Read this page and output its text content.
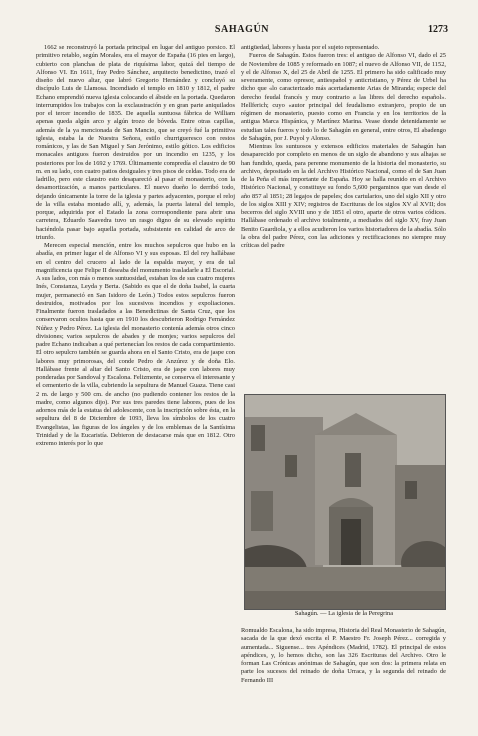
SAHAGÚN	1273

1662 se reconstruyó la portada principal en lugar del antiguo porsico. El primitivo retablo, según Morales, era el mayor de España (16 pies en largo), cubierto con planchas de plata de riquísima labor, quizá del tiempo de Alfonso VI. En 1611, fray Pedro Sánchez, arquitecto benedictino, trazó el diseño del nuevo altar, que labró Gregorio Hernández y concluyó su discípulo Luis de Llamosa. Incendiado el templo en 1810 y 1812, el padre Echano emprendió nueva iglesia colocando el ábside en la portada. Quedaron interrumpidos los trabajos con la exclaustración y en gran parte aniquilados por el tercer incendio de 1835. De aquella suntuosa fábrica de William apenas queda algún arco y algún trozo de bóveda. Entre otras capillas, además de la ya mencionada de San Mancio, que se creyó fué la primitiva iglesia, estaba la de Nuestra Señora, estilo churrigueresco con restos románicos, y las de San Miguel y San Jerónimo, estilo gótico. Los edificios monacales antiguos fueron destruidos por un incendio en 1235, y los posteriores por los de 1692 y 1769. Últimamente compredía el claustro de 90 m. en su lado, con cuatro patios desiguales y tres pisos de celdas. Todo era de ladrillo, pero este claustro esto desapareció al pasar el monasterio, con la desamortización, a manos particulares. El nuevo dueño lo derribó todo, dejando únicamente la torre de la iglesia y partes adyacentes, porque el reloj de la villa estaba montado allí, y, además, la puerta lateral del templo, porque, adquirida por el Estado la zona correspondiente para abrir una carretera, Eduardo Saavedra tuvo un rasgo digno de su elevado espíritu haciéndola pasar bajo aquella portada, subsistente en calidad de arco de triunfo.

Merecen especial mención, entre los muchos sepulcros que hubo en la abadía, en primer lugar el de Alfonso VI y sus esposas. El del rey hallábase en el centro del crucero al lado de la espalda mayor, y era de tal magnificencia que Felipe II deseaba del monumento trasladarle a El Escorial. A sus lados, con más o menos suntuosidad, estaban los de sus cuatro mujeres Inés, Constanza, Leyda y Berta. (Sabido es que el de doña Isabel, la cuarta mujer, permaneció en San Isidoro de León.) Todos estos sepulcros fueron destruidos, motivados por los sucesivos incendios y expoliaciones. Finalmente fueron trasladados a las Benedictinas de Santa Cruz, que los conservaron ocultos hasta que en 1910 los descubrieron Rodrigo Fernández Núñez y Pedro Pérez. La iglesia del monasterio contenía además otros cinco divisiones; varios sepulcros de abades y de monjes; varios sepulcros del padre Echano indicaban a qué pertenecían los restos de cada compartimiento. El otro sepulcro también se guarda ahora en el Santo Cristo, era de jaspe con labores muy primorosas, del conde Pedro de Anzúrez y de doña Elo. Hallábase frente al altar del Santo Cristo, era de jaspe con labores muy ponderadas por Sandoval y Escalona. Felizmente, se conserva el interesante y el cementerio de la villa, cubriendo la sepultura de Manuel Guaza. Tiene casi 2 m. de largo y 500 cm. de ancho (no pudiendo contener los restos de la madre, como algunos dijo). Por sus tres paredes tiene labores, pues de los adornos más de la estatua del adolescente, con la inscripción sobre ésta, en la sepultura del 8 de Diciembre de 1093, lleva los símbolos de los cuatro Evangelistas, las figuras de los ángeles y de los emblemas de la Santísima Trinidad y de la Eucaristía. Debieron de destacarse más que en 1812. Otro extremo interés por lo que

antigüedad, labores y hasta por el sujeto representado.

Fueros de Sahagún. Estos fueron tres: el antiguo de Alfonso VI, dado el 25 de Noviembre de 1085 y reformado en 1087; el nuevo de Alfonso VII, de 1152, y el de Alfonso X, del 25 de Abril de 1255. El primero ha sido calificado muy severamente, como opresor, antiespañol y anticristiano, y Pérez de Urbel ha dicho que «lo caracterizado más acertadamente Arias de Miranda; especie del derecho feudal francés y muy contrario a las libres del derecho español». Hellferich; cuyo «autor principal del feudalismo extranjero, propio de un régimen de monasterio, puesto como en Francia y en los territorios de la antigua Marca Hispánica, y Martínez Marina. Vease donde detenidamente se estudian tales fueros y todo lo de Sahagún en general, entre otros, El abadengo de Sahagún, por J. Puyol y Alonso.

Mientras los suntuosos y extensos edificios materiales de Sahagún han desaparecido por completo en menos de un siglo de abandono y sus alhajas se han fundido, queda, para perenne monumento de la historia del monasterio, su archivo, depositado en la del Archivo Histórico Nacional, como el de San Juan de la Peña el más importante de España. Hoy se halla reunido en el Archivo Histórico Nacional, y constituye su fondo 5,600 pergaminos que van desde el año 857 al 1851; 28 legajos de papeles; dos cartularios, uno del siglo XII y otro de los siglos XIII y XIV; registros de Escrituras de los siglos XV al XVII; dos becerros del siglo XVIII uno y de 1851 el otro, aparte de otros varios códices. Hallábase ordenado el archivo totalmente, a mediados del siglo XV, fray Juan Benito Guardiola, y a ellos acudieron los varios historiadores de la abadía. Sólo la obra del padre Pérez, con las adiciones y rectificaciones no siempre muy críticas del padre

Sahagún. — La iglesia de la Peregrina

Romualdo Escalona, ha sido impresa, Historia del Real Monasterio de Sahagún, sacada de la que dexó escrita el P. Maestro Fr. Joseph Pérez... corregida y aumentada... Siguense... tres Apéndices (Madrid, 1782). El principal de estos apéndices, y, lo hemos dicho, son las 326 Escrituras del Archivo. Otro le forman Las Crónicas anónimas de Sahagún, que son dos: la primera relata en parte los sucesos del reinado de doña Urraca, y la segunda del reinado de Fernando III
